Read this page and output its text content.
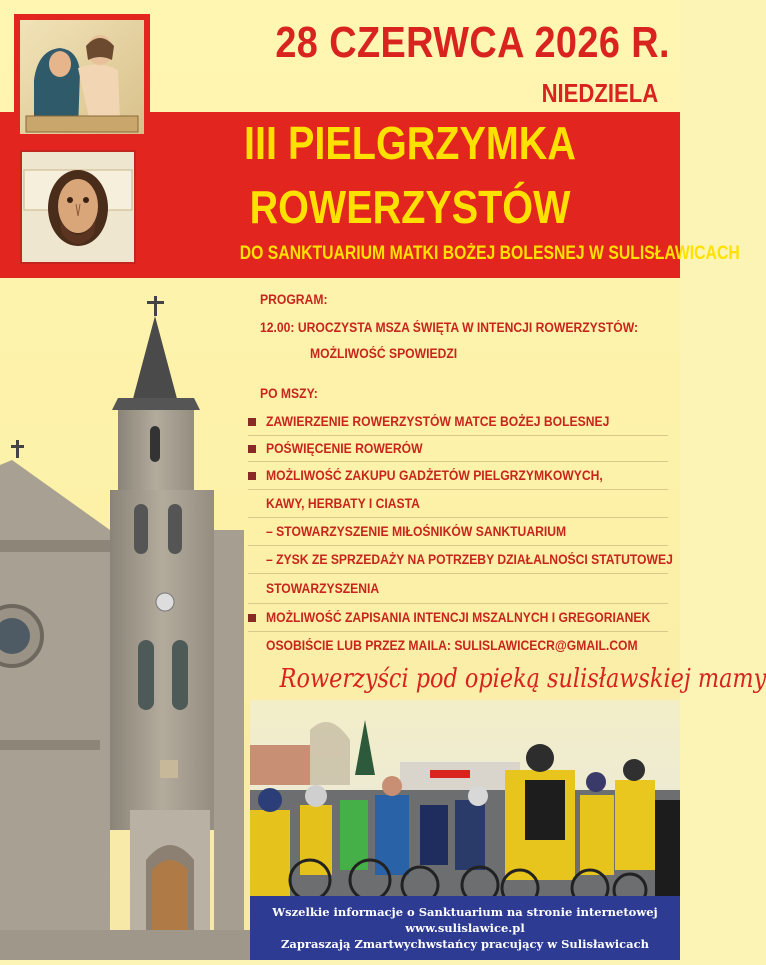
28 CZERWCA 2026 R.
NIEDZIELA
III PIELGRZYMKA
ROWERZYSTÓW
DO SANKTUARIUM MATKI BOŻEJ BOLESNEJ W SULISŁAWICACH
PROGRAM:
12.00: UROCZYSTA MSZA ŚWIĘTA W INTENCJI ROWERZYSTÓW:
MOŻLIWOŚĆ SPOWIEDZI
PO MSZY:
ZAWIERZENIE ROWERZYSTÓW MATCE BOŻEJ BOLESNEJ
POŚWIĘCENIE ROWERÓW
MOŻLIWOŚĆ ZAKUPU GADŻETÓW PIELGRZYMKOWYCH,
KAWY, HERBATY I CIASTA
– STOWARZYSZENIE MIŁOŚNIKÓW SANKTUARIUM
– ZYSK ZE SPRZEDAŻY NA POTRZEBY DZIAŁALNOŚCI STATUTOWEJ
STOWARZYSZENIA
MOŻLIWOŚĆ ZAPISANIA INTENCJI MSZALNYCH I GREGORIANEK
OSOBIŚCIE LUB PRZEZ MAILA: SULISLAWICECR@GMAIL.COM
Rowerzyści pod opieką sulisławskiej mamy
Wszelkie informacje o Sanktuarium na stronie internetowej
www.sulislawice.pl
Zapraszają Zmartwychwstańcy pracujący w Sulisławicach
